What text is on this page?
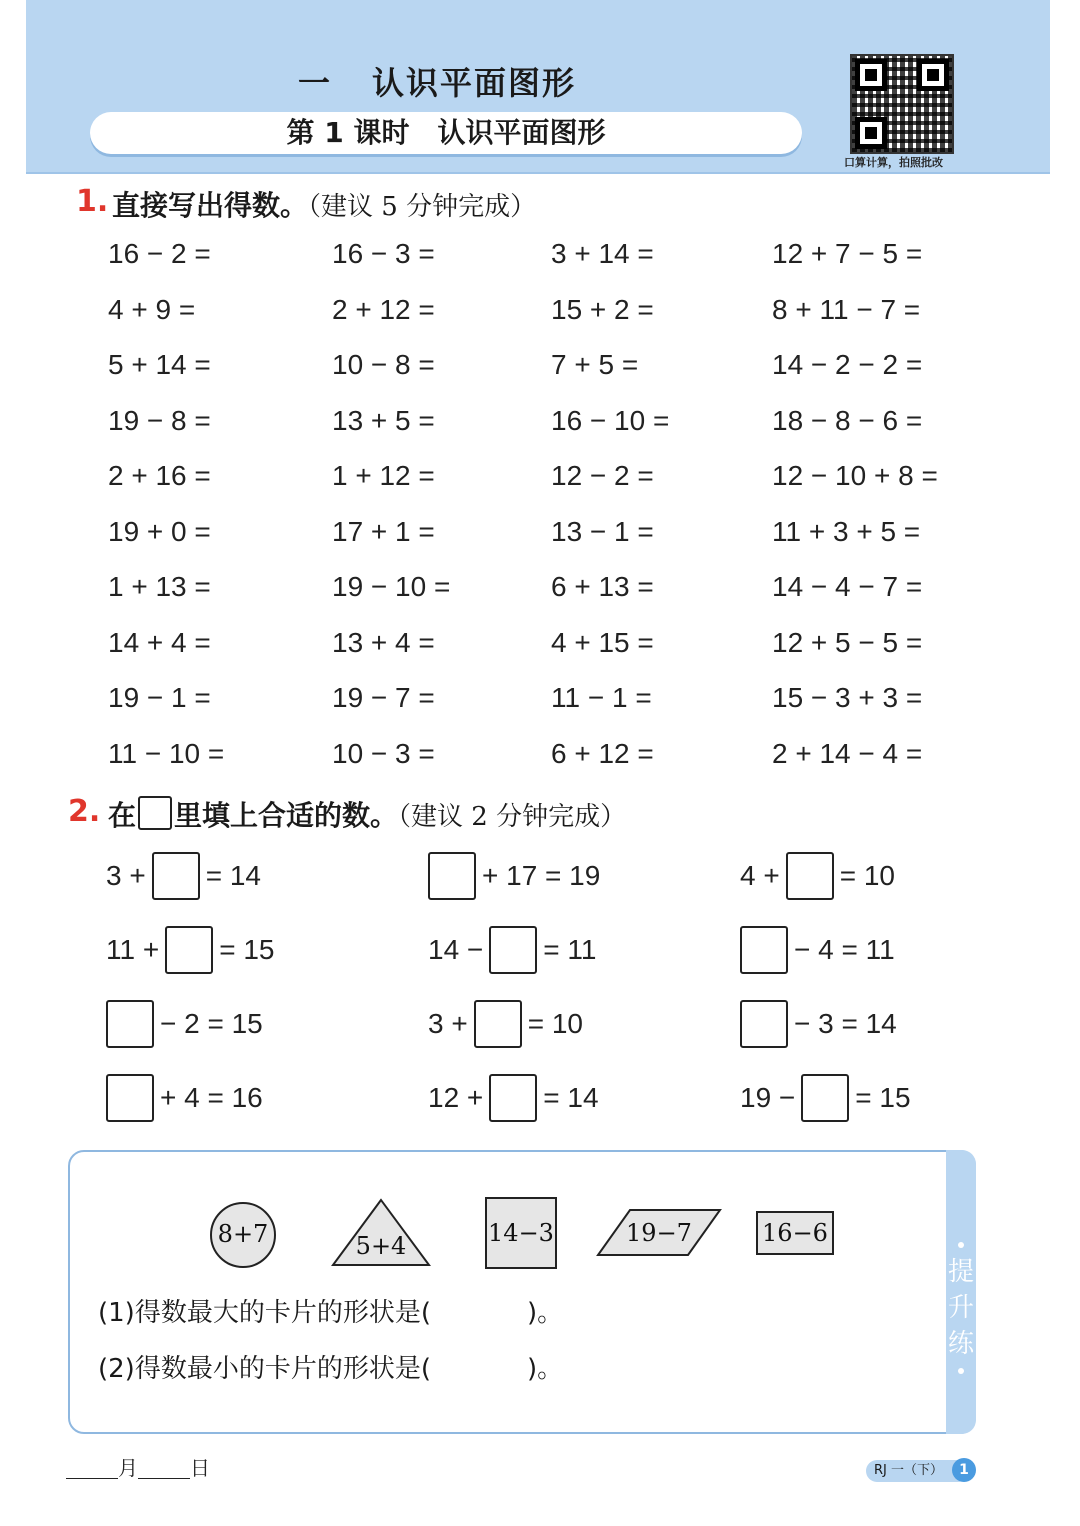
一 认识平面图形
第 1 课时　认识平面图形
口算计算，拍照批改
1. 直接写出得数。（建议 5 分钟完成）
16 − 2 =	16 − 3 =	3 + 14 =	12 + 7 − 5 =
4 + 9 =	2 + 12 =	15 + 2 =	8 + 11 − 7 =
5 + 14 =	10 − 8 =	7 + 5 =	14 − 2 − 2 =
19 − 8 =	13 + 5 =	16 − 10 =	18 − 8 − 6 =
2 + 16 =	1 + 12 =	12 − 2 =	12 − 10 + 8 =
19 + 0 =	17 + 1 =	13 − 1 =	11 + 3 + 5 =
1 + 13 =	19 − 10 =	6 + 13 =	14 − 4 − 7 =
14 + 4 =	13 + 4 =	4 + 15 =	12 + 5 − 5 =
19 − 1 =	19 − 7 =	11 − 1 =	15 − 3 + 3 =
11 − 10 =	10 − 3 =	6 + 12 =	2 + 14 − 4 =
2. 在 里填上合适的数。（建议 2 分钟完成）
3 + = 14	+ 17 = 19	4 + = 10
11 + = 15	14 − = 11	− 4 = 11
− 2 = 15	3 + = 10	− 3 = 14
+ 4 = 16	12 + = 14	19 − = 15
提升练
8+7	5+4	14−3	19−7	16−6
(1)得数最大的卡片的形状是(	)。
(2)得数最小的卡片的形状是(	)。
月	日	RJ 一（下）	1
